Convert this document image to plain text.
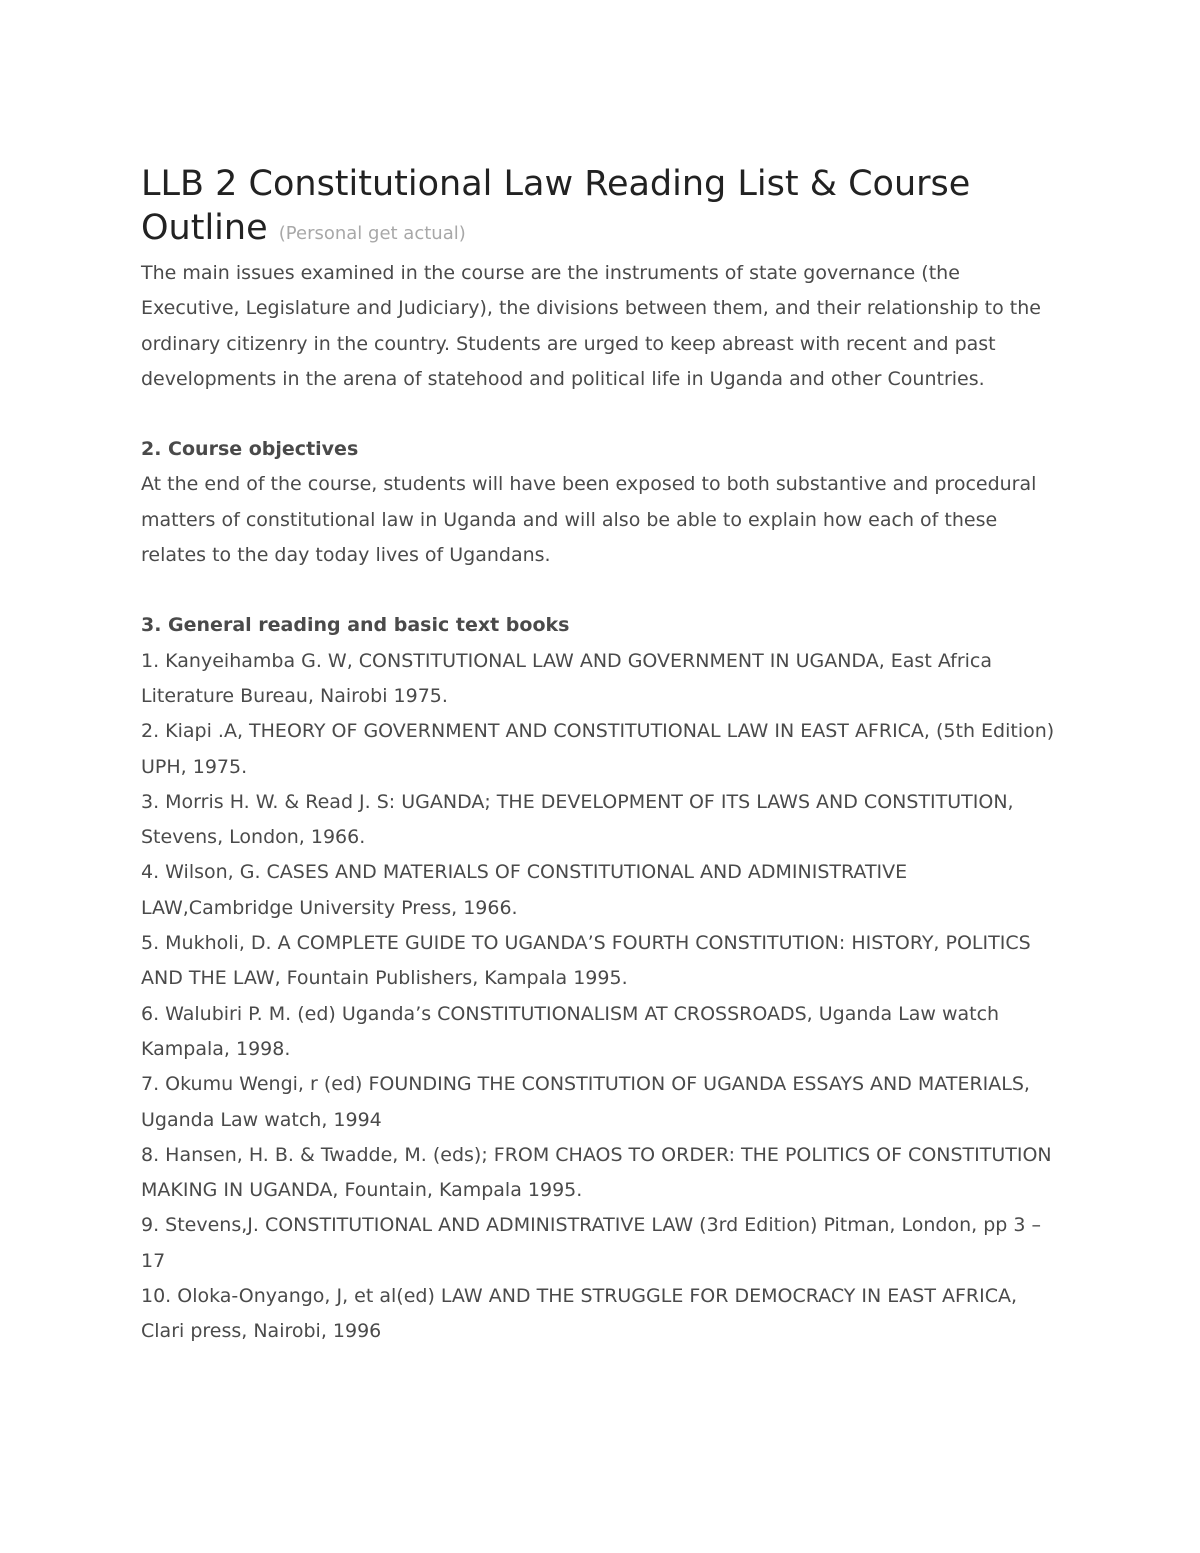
LLB 2 Constitutional Law Reading List & Course Outline (Personal get actual)

The main issues examined in the course are the instruments of state governance (the Executive, Legislature and Judiciary), the divisions between them, and their relationship to the ordinary citizenry in the country. Students are urged to keep abreast with recent and past developments in the arena of statehood and political life in Uganda and other Countries.

2. Course objectives

At the end of the course, students will have been exposed to both substantive and procedural matters of constitutional law in Uganda and will also be able to explain how each of these relates to the day today lives of Ugandans.

3. General reading and basic text books
1. Kanyeihamba G. W, CONSTITUTIONAL LAW AND GOVERNMENT IN UGANDA, East Africa Literature Bureau, Nairobi 1975.
2. Kiapi .A, THEORY OF GOVERNMENT AND CONSTITUTIONAL LAW IN EAST AFRICA, (5th Edition) UPH, 1975.
3. Morris H. W. & Read J. S: UGANDA; THE DEVELOPMENT OF ITS LAWS AND CONSTITUTION, Stevens, London, 1966.
4. Wilson, G. CASES AND MATERIALS OF CONSTITUTIONAL AND ADMINISTRATIVE LAW,Cambridge University Press, 1966.
5. Mukholi, D. A COMPLETE GUIDE TO UGANDA’S FOURTH CONSTITUTION: HISTORY, POLITICS AND THE LAW, Fountain Publishers, Kampala 1995.
6. Walubiri P. M. (ed) Uganda’s CONSTITUTIONALISM AT CROSSROADS, Uganda Law watch Kampala, 1998.
7. Okumu Wengi, r (ed) FOUNDING THE CONSTITUTION OF UGANDA ESSAYS AND MATERIALS, Uganda Law watch, 1994
8. Hansen, H. B. & Twadde, M. (eds); FROM CHAOS TO ORDER: THE POLITICS OF CONSTITUTION MAKING IN UGANDA, Fountain, Kampala 1995.
9. Stevens,J. CONSTITUTIONAL AND ADMINISTRATIVE LAW (3rd Edition) Pitman, London, pp 3 – 17
10. Oloka-Onyango, J, et al(ed) LAW AND THE STRUGGLE FOR DEMOCRACY IN EAST AFRICA, Clari press, Nairobi, 1996
